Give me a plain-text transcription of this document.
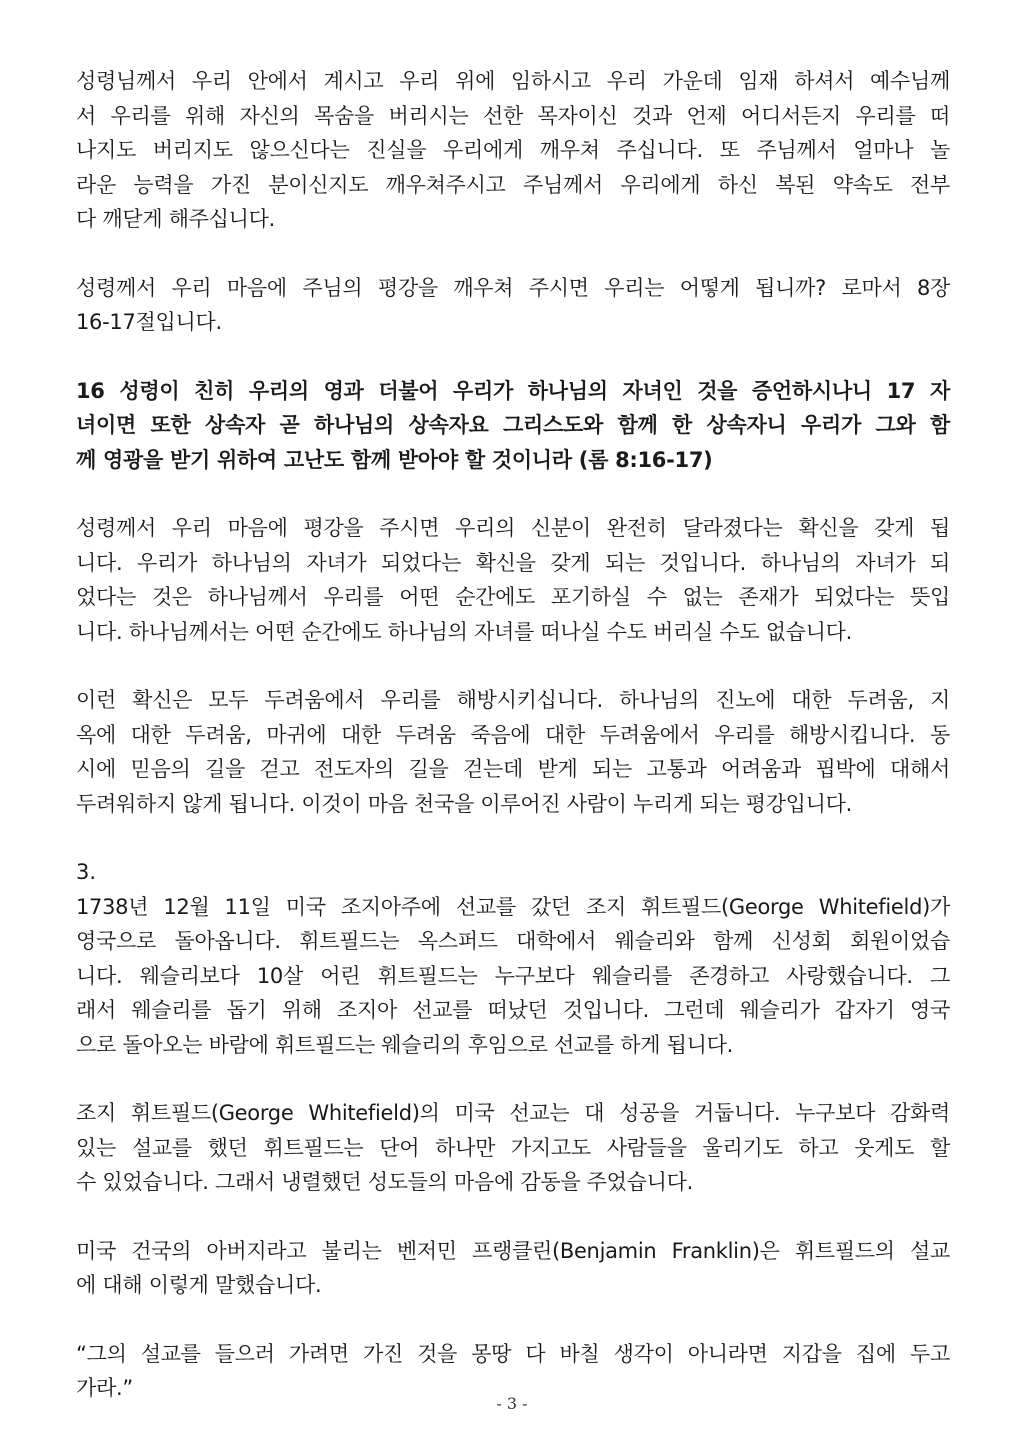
성령님께서 우리 안에서 계시고 우리 위에 임하시고 우리 가운데 임재 하셔서 예수님께
서 우리를 위해 자신의 목숨을 버리시는 선한 목자이신 것과 언제 어디서든지 우리를 떠
나지도 버리지도 않으신다는 진실을 우리에게 깨우쳐 주십니다. 또 주님께서 얼마나 놀
라운 능력을 가진 분이신지도 깨우쳐주시고 주님께서 우리에게 하신 복된 약속도 전부
다 깨닫게 해주십니다.

성령께서 우리 마음에 주님의 평강을 깨우쳐 주시면 우리는 어떻게 됩니까? 로마서 8장
16-17절입니다.

16 성령이 친히 우리의 영과 더불어 우리가 하나님의 자녀인 것을 증언하시나니 17 자
녀이면 또한 상속자 곧 하나님의 상속자요 그리스도와 함께 한 상속자니 우리가 그와 함
께 영광을 받기 위하여 고난도 함께 받아야 할 것이니라 (롬 8:16-17)

성령께서 우리 마음에 평강을 주시면 우리의 신분이 완전히 달라졌다는 확신을 갖게 됩
니다. 우리가 하나님의 자녀가 되었다는 확신을 갖게 되는 것입니다. 하나님의 자녀가 되
었다는 것은 하나님께서 우리를 어떤 순간에도 포기하실 수 없는 존재가 되었다는 뜻입
니다. 하나님께서는 어떤 순간에도 하나님의 자녀를 떠나실 수도 버리실 수도 없습니다.

이런 확신은 모두 두려움에서 우리를 해방시키십니다. 하나님의 진노에 대한 두려움, 지
옥에 대한 두려움, 마귀에 대한 두려움 죽음에 대한 두려움에서 우리를 해방시킵니다. 동
시에 믿음의 길을 걷고 전도자의 길을 걷는데 받게 되는 고통과 어려움과 핍박에 대해서
두려워하지 않게 됩니다. 이것이 마음 천국을 이루어진 사람이 누리게 되는 평강입니다.

3.

1738년 12월 11일 미국 조지아주에 선교를 갔던 조지 휘트필드(George Whitefield)가
영국으로 돌아옵니다. 휘트필드는 옥스퍼드 대학에서 웨슬리와 함께 신성회 회원이었습
니다. 웨슬리보다 10살 어린 휘트필드는 누구보다 웨슬리를 존경하고 사랑했습니다. 그
래서 웨슬리를 돕기 위해 조지아 선교를 떠났던 것입니다. 그런데 웨슬리가 갑자기 영국
으로 돌아오는 바람에 휘트필드는 웨슬리의 후임으로 선교를 하게 됩니다.

조지 휘트필드(George Whitefield)의 미국 선교는 대 성공을 거둡니다. 누구보다 감화력
있는 설교를 했던 휘트필드는 단어 하나만 가지고도 사람들을 울리기도 하고 웃게도 할
수 있었습니다. 그래서 냉렬했던 성도들의 마음에 감동을 주었습니다.

미국 건국의 아버지라고 불리는 벤저민 프랭클린(Benjamin Franklin)은 휘트필드의 설교
에 대해 이렇게 말했습니다.

“그의 설교를 들으러 가려면 가진 것을 몽땅 다 바칠 생각이 아니라면 지갑을 집에 두고
가라.”

- 3 -
